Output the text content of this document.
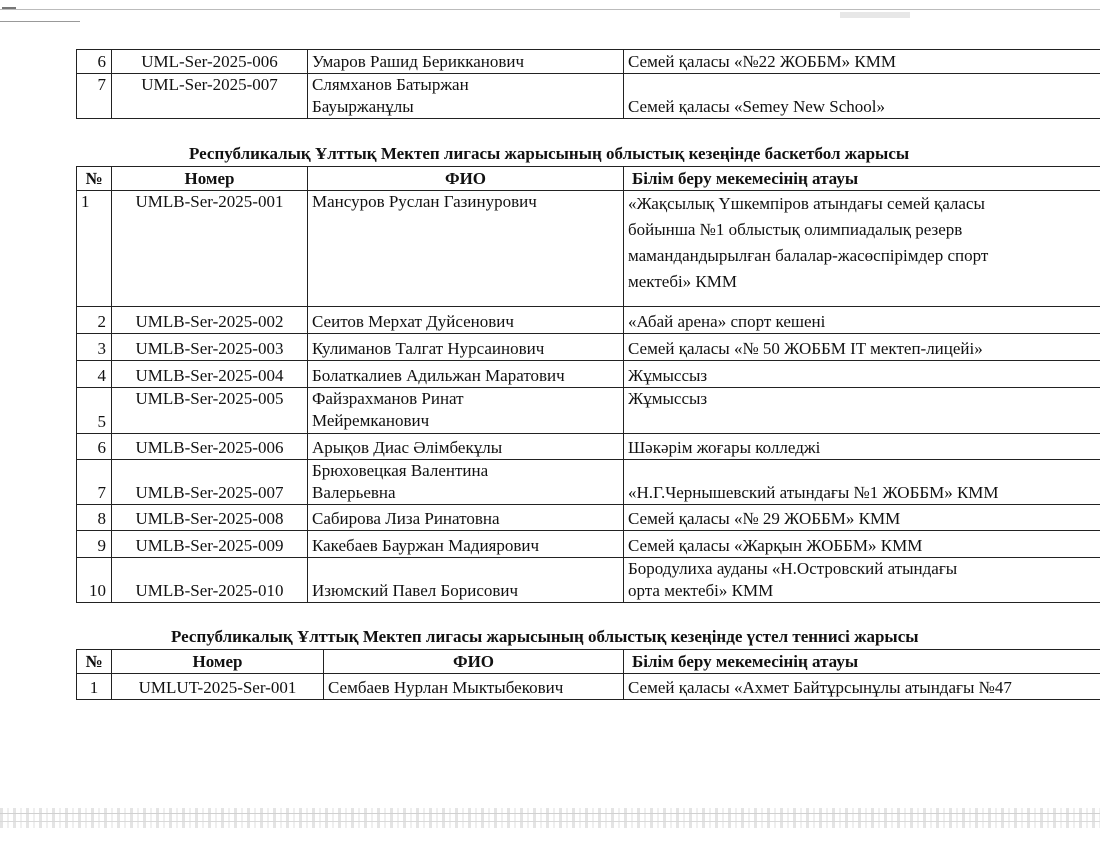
6	UML-Ser-2025-006	Умаров Рашид Берикканович	Семей қаласы «№22 ЖОББМ» КММ
7	UML-Ser-2025-007	Слямханов Батыржан
Бауыржанұлы	Семей қаласы «Semey New School»
Республикалық Ұлттық Мектеп лигасы жарысының облыстық кезеңінде баскетбол жарысы
№	Номер	ФИО	Білім беру мекемесінің атауы
1	UMLB-Ser-2025-001	Мансуров Руслан Газинурович	«Жақсылық Үшкемпіров атындағы семей қаласы
бойынша №1 облыстық олимпиадалық резерв
мамандандырылған балалар-жасөспірімдер спорт
мектебі» КММ

2	UMLB-Ser-2025-002	Сеитов Мерхат Дуйсенович	«Абай арена» спорт кешені
3	UMLB-Ser-2025-003	Кулиманов Талгат Нурсаинович	Семей қаласы «№ 50 ЖОББМ IT мектеп-лицейі»
4	UMLB-Ser-2025-004	Болаткалиев Адильжан Маратович	Жұмыссыз
5	UMLB-Ser-2025-005	Файзрахманов Ринат
Мейремканович	Жұмыссыз
6	UMLB-Ser-2025-006	Арықов Диас Әлімбекұлы	Шәкәрім жоғары колледжі
7	UMLB-Ser-2025-007	Брюховецкая Валентина
Валерьевна	«Н.Г.Чернышевский атындағы №1 ЖОББМ» КММ
8	UMLB-Ser-2025-008	Сабирова Лиза Ринатовна	Семей қаласы «№ 29 ЖОББМ» КММ
9	UMLB-Ser-2025-009	Какебаев Бауржан Мадиярович	Семей қаласы «Жарқын ЖОББМ» КММ
10	UMLB-Ser-2025-010	Изюмский Павел Борисович	Бородулиха ауданы «Н.Островский атындағы
орта мектебі» КММ
Республикалық Ұлттық Мектеп лигасы жарысының облыстық кезеңінде үстел теннисі жарысы
№	Номер	ФИО	Білім беру мекемесінің атауы
1	UMLUT-2025-Ser-001	Сембаев Нурлан Мыктыбекович	Семей қаласы «Ахмет Байтұрсынұлы атындағы №47
